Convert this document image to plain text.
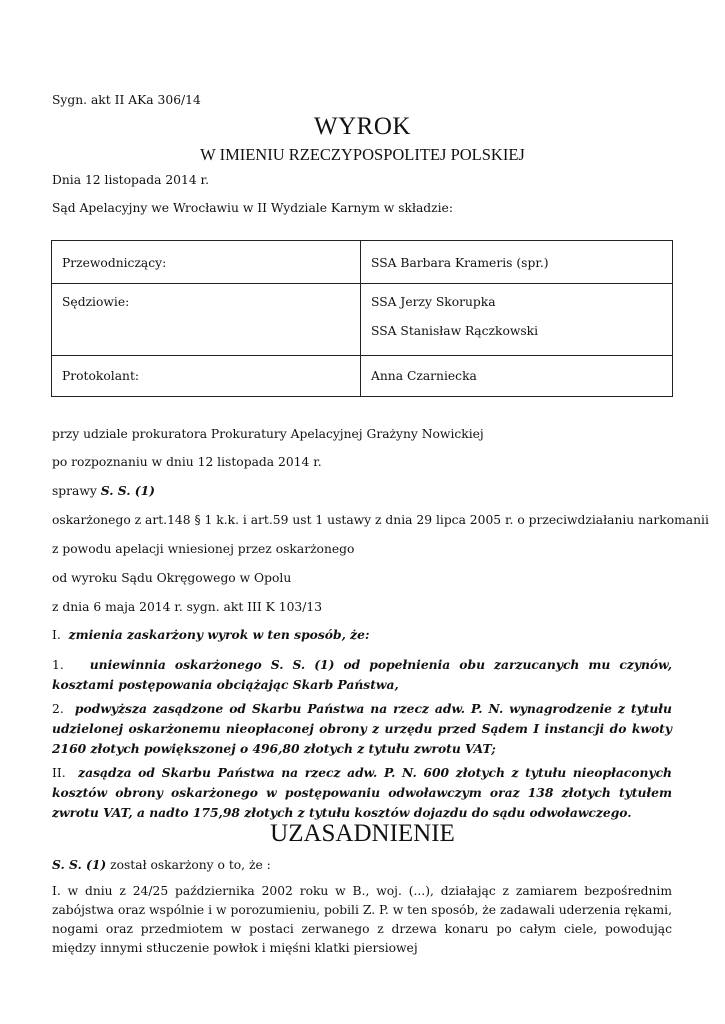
Sygn. akt II AKa 306/14
WYROK
W IMIENIU RZECZYPOSPOLITEJ POLSKIEJ
Dnia 12 listopada 2014 r.
Sąd Apelacyjny we Wrocławiu w II Wydziale Karnym w składzie:
Przewodniczący:	SSA Barbara Krameris (spr.)

Sędziowie:	SSA Jerzy Skorupka
SSA Stanisław Rączkowski

Protokolant:	Anna Czarniecka
przy udziale prokuratora Prokuratury Apelacyjnej Grażyny Nowickiej
po rozpoznaniu w dniu 12 listopada 2014 r.
sprawy S. S. (1)
oskarżonego z art.148 § 1 k.k. i art.59 ust 1 ustawy z dnia 29 lipca 2005 r. o przeciwdziałaniu narkomanii
z powodu apelacji wniesionej przez oskarżonego
od wyroku Sądu Okręgowego w Opolu
z dnia 6 maja 2014 r. sygn. akt III K 103/13
I. zmienia zaskarżony wyrok w ten sposób, że:
1. uniewinnia oskarżonego S. S. (1) od popełnienia obu zarzucanych mu czynów, kosztami postępowania obciążając Skarb Państwa,
2. podwyższa zasądzone od Skarbu Państwa na rzecz adw. P. N. wynagrodzenie z tytułu udzielonej oskarżonemu nieopłaconej obrony z urzędu przed Sądem I instancji do kwoty 2160 złotych powiększonej o 496,80 złotych z tytułu zwrotu VAT;
II. zasądza od Skarbu Państwa na rzecz adw. P. N. 600 złotych z tytułu nieopłaconych kosztów obrony oskarżonego w postępowaniu odwoławczym oraz 138 złotych tytułem zwrotu VAT, a nadto 175,98 złotych z tytułu kosztów dojazdu do sądu odwoławczego.
UZASADNIENIE
S. S. (1) został oskarżony o to, że :
I. w dniu z 24/25 października 2002 roku w B., woj. (...), działając z zamiarem bezpośrednim zabójstwa oraz wspólnie i w porozumieniu, pobili Z. P. w ten sposób, że zadawali uderzenia rękami, nogami oraz przedmiotem w postaci zerwanego z drzewa konaru po całym ciele, powodując między innymi stłuczenie powłok i mięśni klatki piersiowej
